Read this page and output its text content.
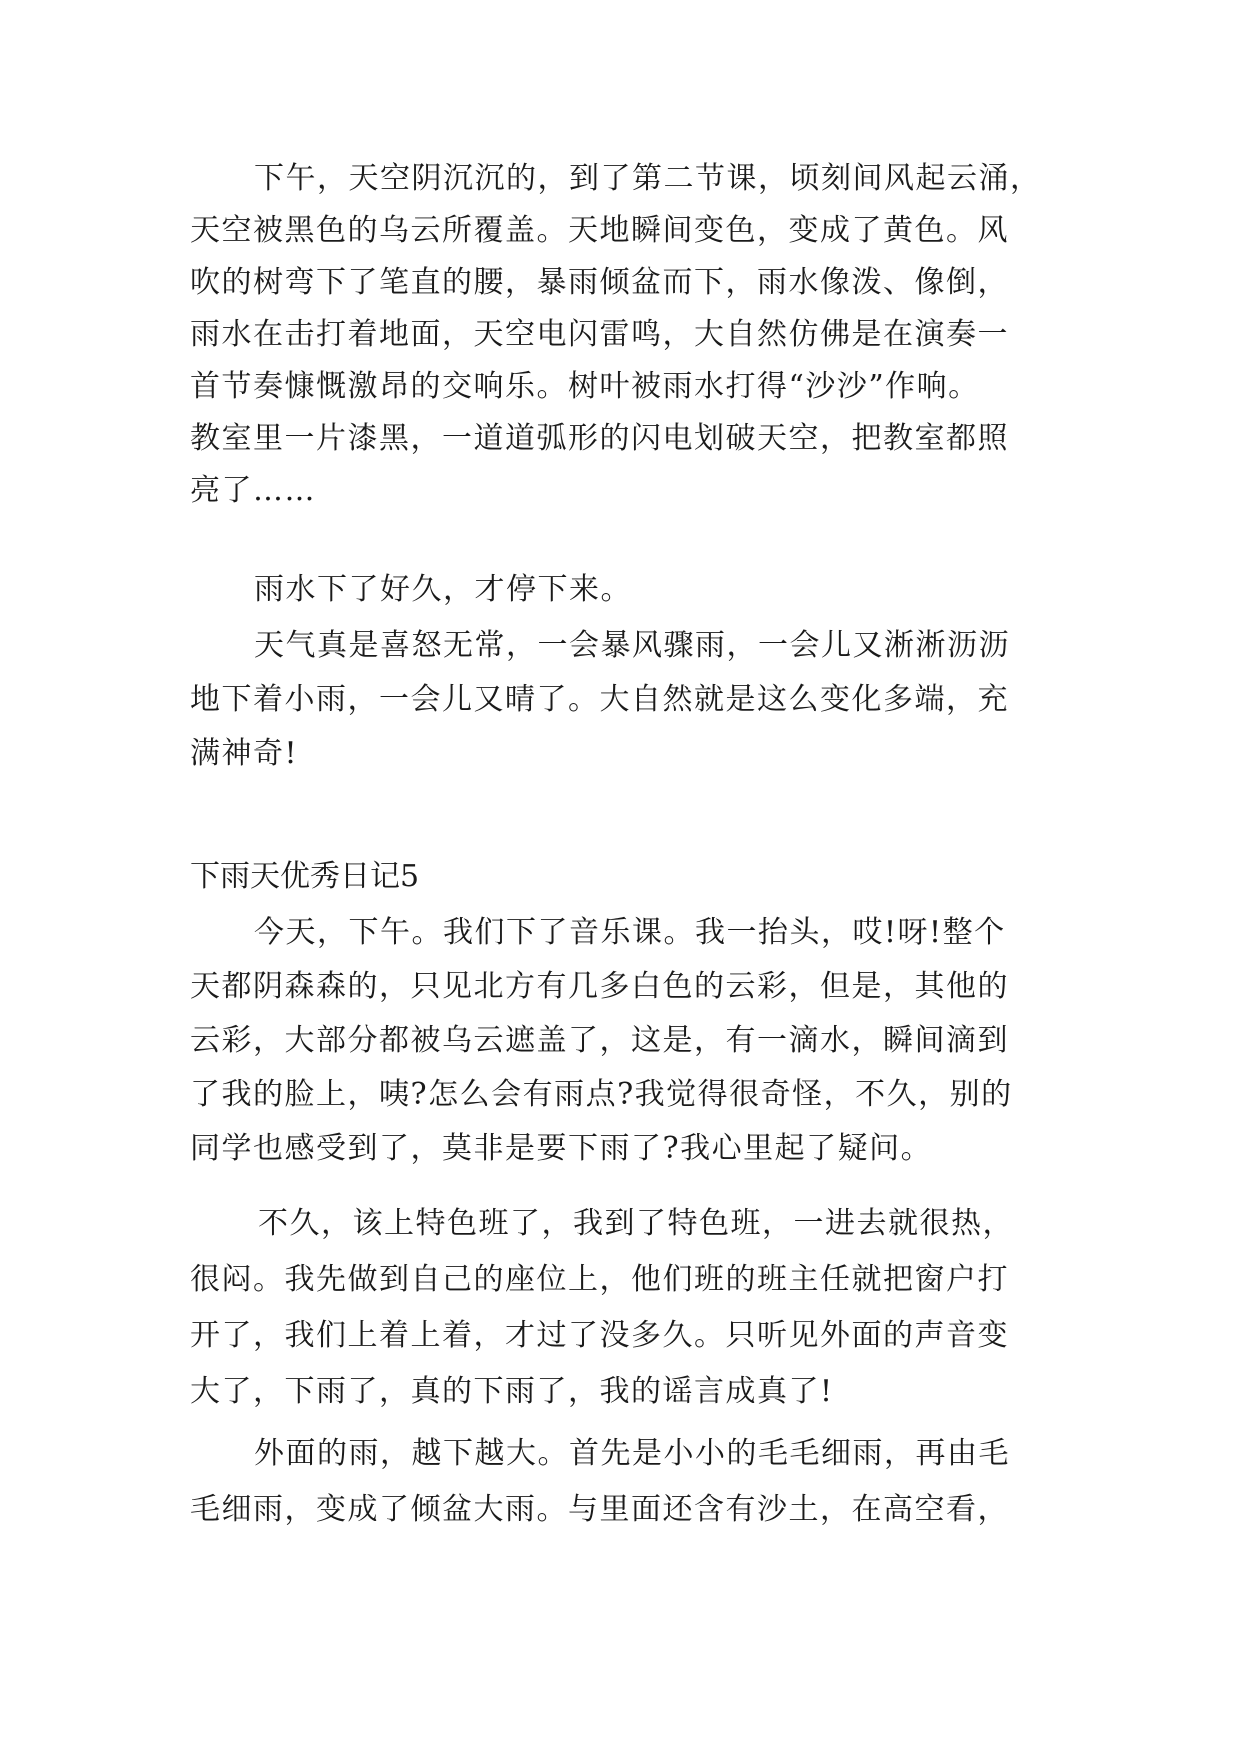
下午，天空阴沉沉的，到了第二节课，顷刻间风起云涌，

天空被黑色的乌云所覆盖。天地瞬间变色，变成了黄色。风

吹的树弯下了笔直的腰，暴雨倾盆而下，雨水像泼、像倒，

雨水在击打着地面，天空电闪雷鸣，大自然仿佛是在演奏一

首节奏慷慨激昂的交响乐。树叶被雨水打得“沙沙”作响。

教室里一片漆黑，一道道弧形的闪电划破天空，把教室都照

亮了……

雨水下了好久，才停下来。

天气真是喜怒无常，一会暴风骤雨，一会儿又淅淅沥沥

地下着小雨，一会儿又晴了。大自然就是这么变化多端，充

满神奇!

下雨天优秀日记5

今天，下午。我们下了音乐课。我一抬头，哎!呀!整个

天都阴森森的，只见北方有几多白色的云彩，但是，其他的

云彩，大部分都被乌云遮盖了，这是，有一滴水，瞬间滴到

了我的脸上，咦?怎么会有雨点?我觉得很奇怪，不久，别的

同学也感受到了，莫非是要下雨了?我心里起了疑问。

不久，该上特色班了，我到了特色班，一进去就很热，

很闷。我先做到自己的座位上，他们班的班主任就把窗户打

开了，我们上着上着，才过了没多久。只听见外面的声音变

大了，下雨了，真的下雨了，我的谣言成真了!

外面的雨，越下越大。首先是小小的毛毛细雨，再由毛

毛细雨，变成了倾盆大雨。与里面还含有沙土，在高空看，
